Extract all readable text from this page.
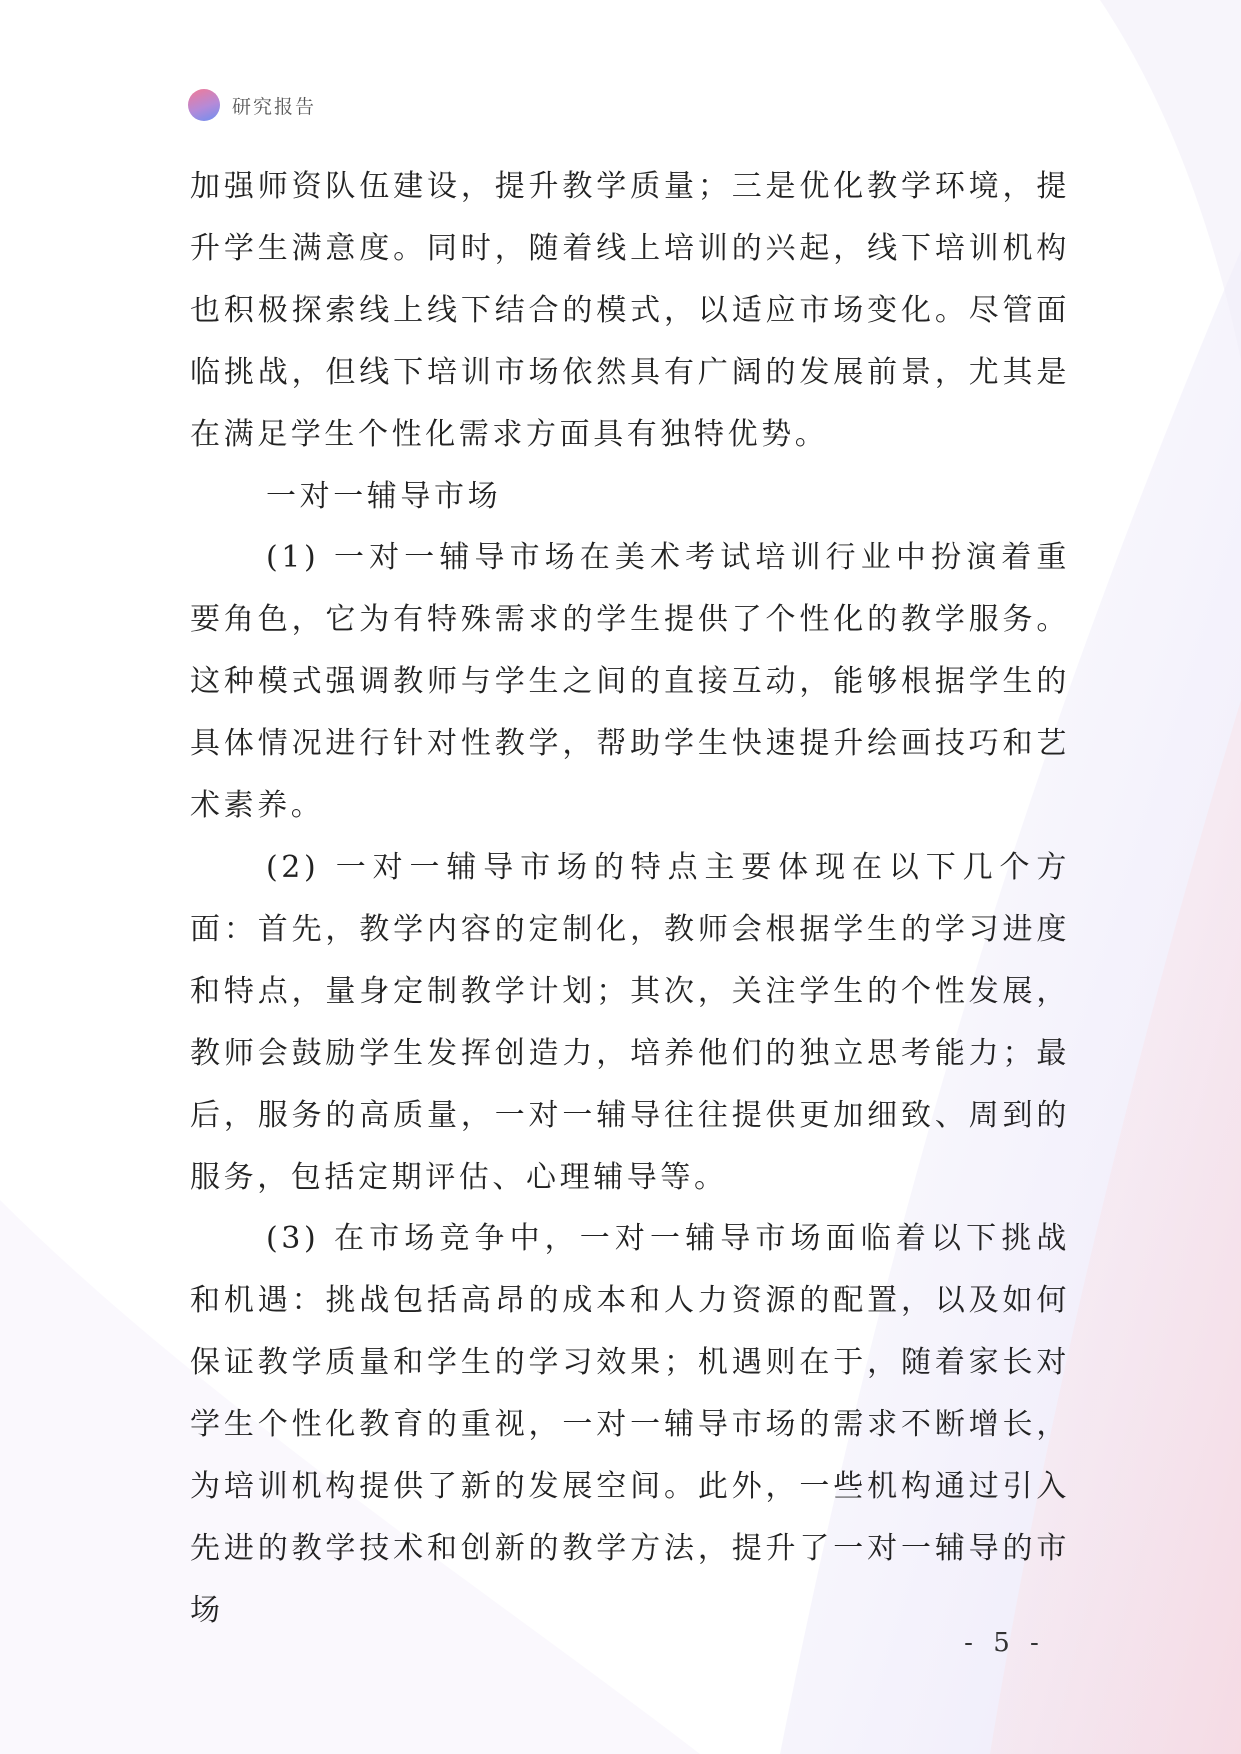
研究报告

加强师资队伍建设，提升教学质量；三是优化教学环境，提升学生满意度。同时，随着线上培训的兴起，线下培训机构也积极探索线上线下结合的模式，以适应市场变化。尽管面临挑战，但线下培训市场依然具有广阔的发展前景，尤其是在满足学生个性化需求方面具有独特优势。

一对一辅导市场

(1) 一对一辅导市场在美术考试培训行业中扮演着重要角色，它为有特殊需求的学生提供了个性化的教学服务。这种模式强调教师与学生之间的直接互动，能够根据学生的具体情况进行针对性教学，帮助学生快速提升绘画技巧和艺术素养。

(2) 一对一辅导市场的特点主要体现在以下几个方面：首先，教学内容的定制化，教师会根据学生的学习进度和特点，量身定制教学计划；其次，关注学生的个性发展，教师会鼓励学生发挥创造力，培养他们的独立思考能力；最后，服务的高质量，一对一辅导往往提供更加细致、周到的服务，包括定期评估、心理辅导等。

(3) 在市场竞争中，一对一辅导市场面临着以下挑战和机遇：挑战包括高昂的成本和人力资源的配置，以及如何保证教学质量和学生的学习效果；机遇则在于，随着家长对学生个性化教育的重视，一对一辅导市场的需求不断增长，为培训机构提供了新的发展空间。此外，一些机构通过引入先进的教学技术和创新的教学方法，提升了一对一辅导的市场

- 5 -
